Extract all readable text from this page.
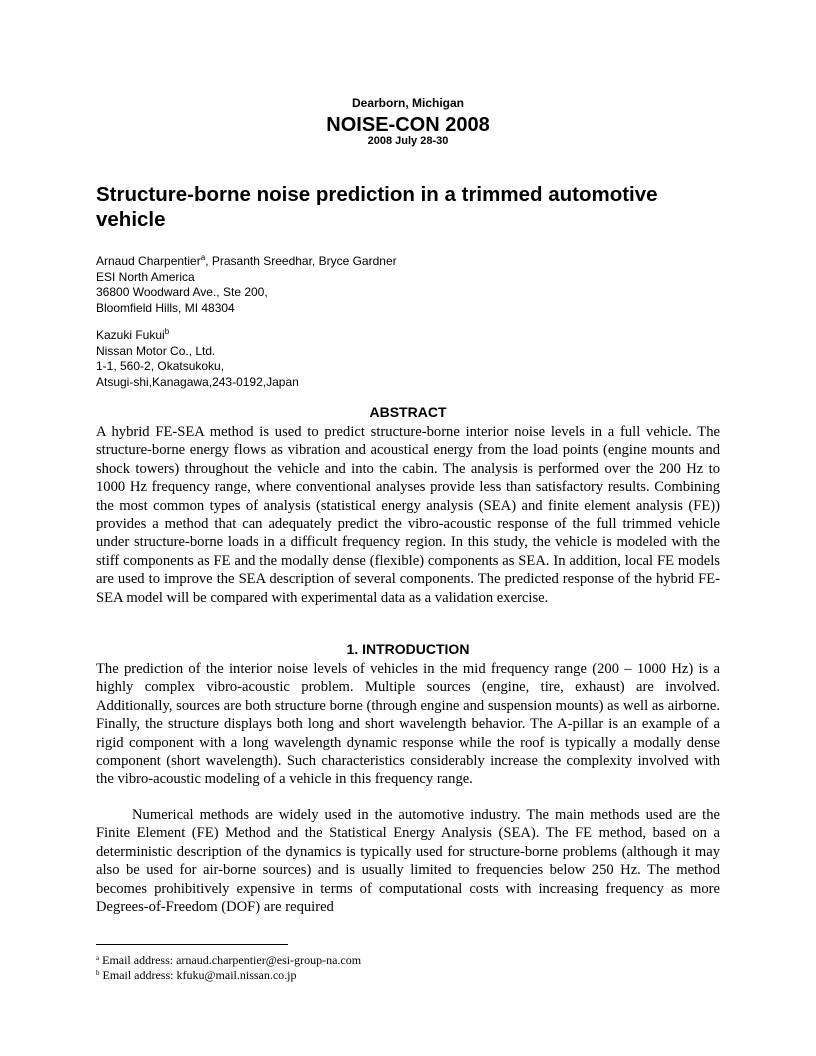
Dearborn, Michigan
NOISE-CON 2008
2008 July 28-30
Structure-borne noise prediction in a trimmed automotive vehicle
Arnaud Charpentier$^a$, Prasanth Sreedhar, Bryce Gardner
ESI North America
36800 Woodward Ave., Ste 200,
Bloomfield Hills, MI 48304
Kazuki Fukui$^b$
Nissan Motor Co., Ltd.
1-1, 560-2, Okatsukoku,
Atsugi-shi,Kanagawa,243-0192,Japan
ABSTRACT

A hybrid FE-SEA method is used to predict structure-borne interior noise levels in a full vehicle. The structure-borne energy flows as vibration and acoustical energy from the load points (engine mounts and shock towers) throughout the vehicle and into the cabin. The analysis is performed over the 200 Hz to 1000 Hz frequency range, where conventional analyses provide less than satisfactory results. Combining the most common types of analysis (statistical energy analysis (SEA) and finite element analysis (FE)) provides a method that can adequately predict the vibro-acoustic response of the full trimmed vehicle under structure-borne loads in a difficult frequency region. In this study, the vehicle is modeled with the stiff components as FE and the modally dense (flexible) components as SEA. In addition, local FE models are used to improve the SEA description of several components. The predicted response of the hybrid FE-SEA model will be compared with experimental data as a validation exercise.

1. INTRODUCTION

The prediction of the interior noise levels of vehicles in the mid frequency range (200 – 1000 Hz) is a highly complex vibro-acoustic problem. Multiple sources (engine, tire, exhaust) are involved. Additionally, sources are both structure borne (through engine and suspension mounts) as well as airborne. Finally, the structure displays both long and short wavelength behavior. The A-pillar is an example of a rigid component with a long wavelength dynamic response while the roof is typically a modally dense component (short wavelength). Such characteristics considerably increase the complexity involved with the vibro-acoustic modeling of a vehicle in this frequency range.

Numerical methods are widely used in the automotive industry. The main methods used are the Finite Element (FE) Method and the Statistical Energy Analysis (SEA). The FE method, based on a deterministic description of the dynamics is typically used for structure-borne problems (although it may also be used for air-borne sources) and is usually limited to frequencies below 250 Hz. The method becomes prohibitively expensive in terms of computational costs with increasing frequency as more Degrees-of-Freedom (DOF) are required

$^a$ Email address: arnaud.charpentier@esi-group-na.com
$^b$ Email address: kfuku@mail.nissan.co.jp
